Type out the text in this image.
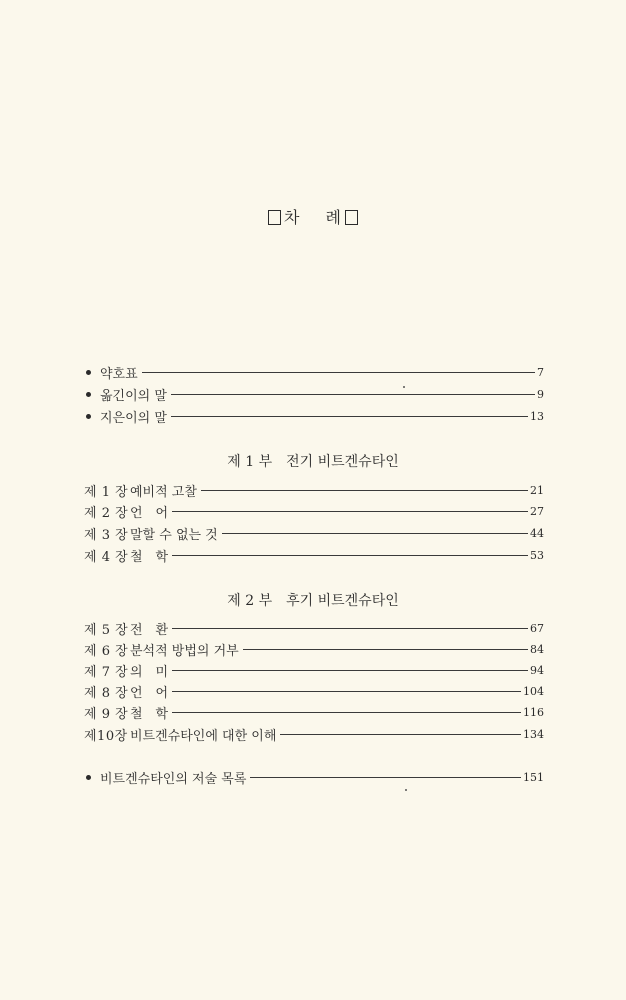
차 례
약호표	7
옮긴이의 말	9
지은이의 말	13
제 1 부 전기 비트겐슈타인
제 1 장 예비적 고찰	21
제 2 장 언　어	27
제 3 장 말할 수 없는 것	44
제 4 장 철　학	53
제 2 부 후기 비트겐슈타인
제 5 장 전　환	67
제 6 장 분석적 방법의 거부	84
제 7 장 의　미	94
제 8 장 언　어	104
제 9 장 철　학	116
제10장 비트겐슈타인에 대한 이해	134
비트겐슈타인의 저술 목록	151
